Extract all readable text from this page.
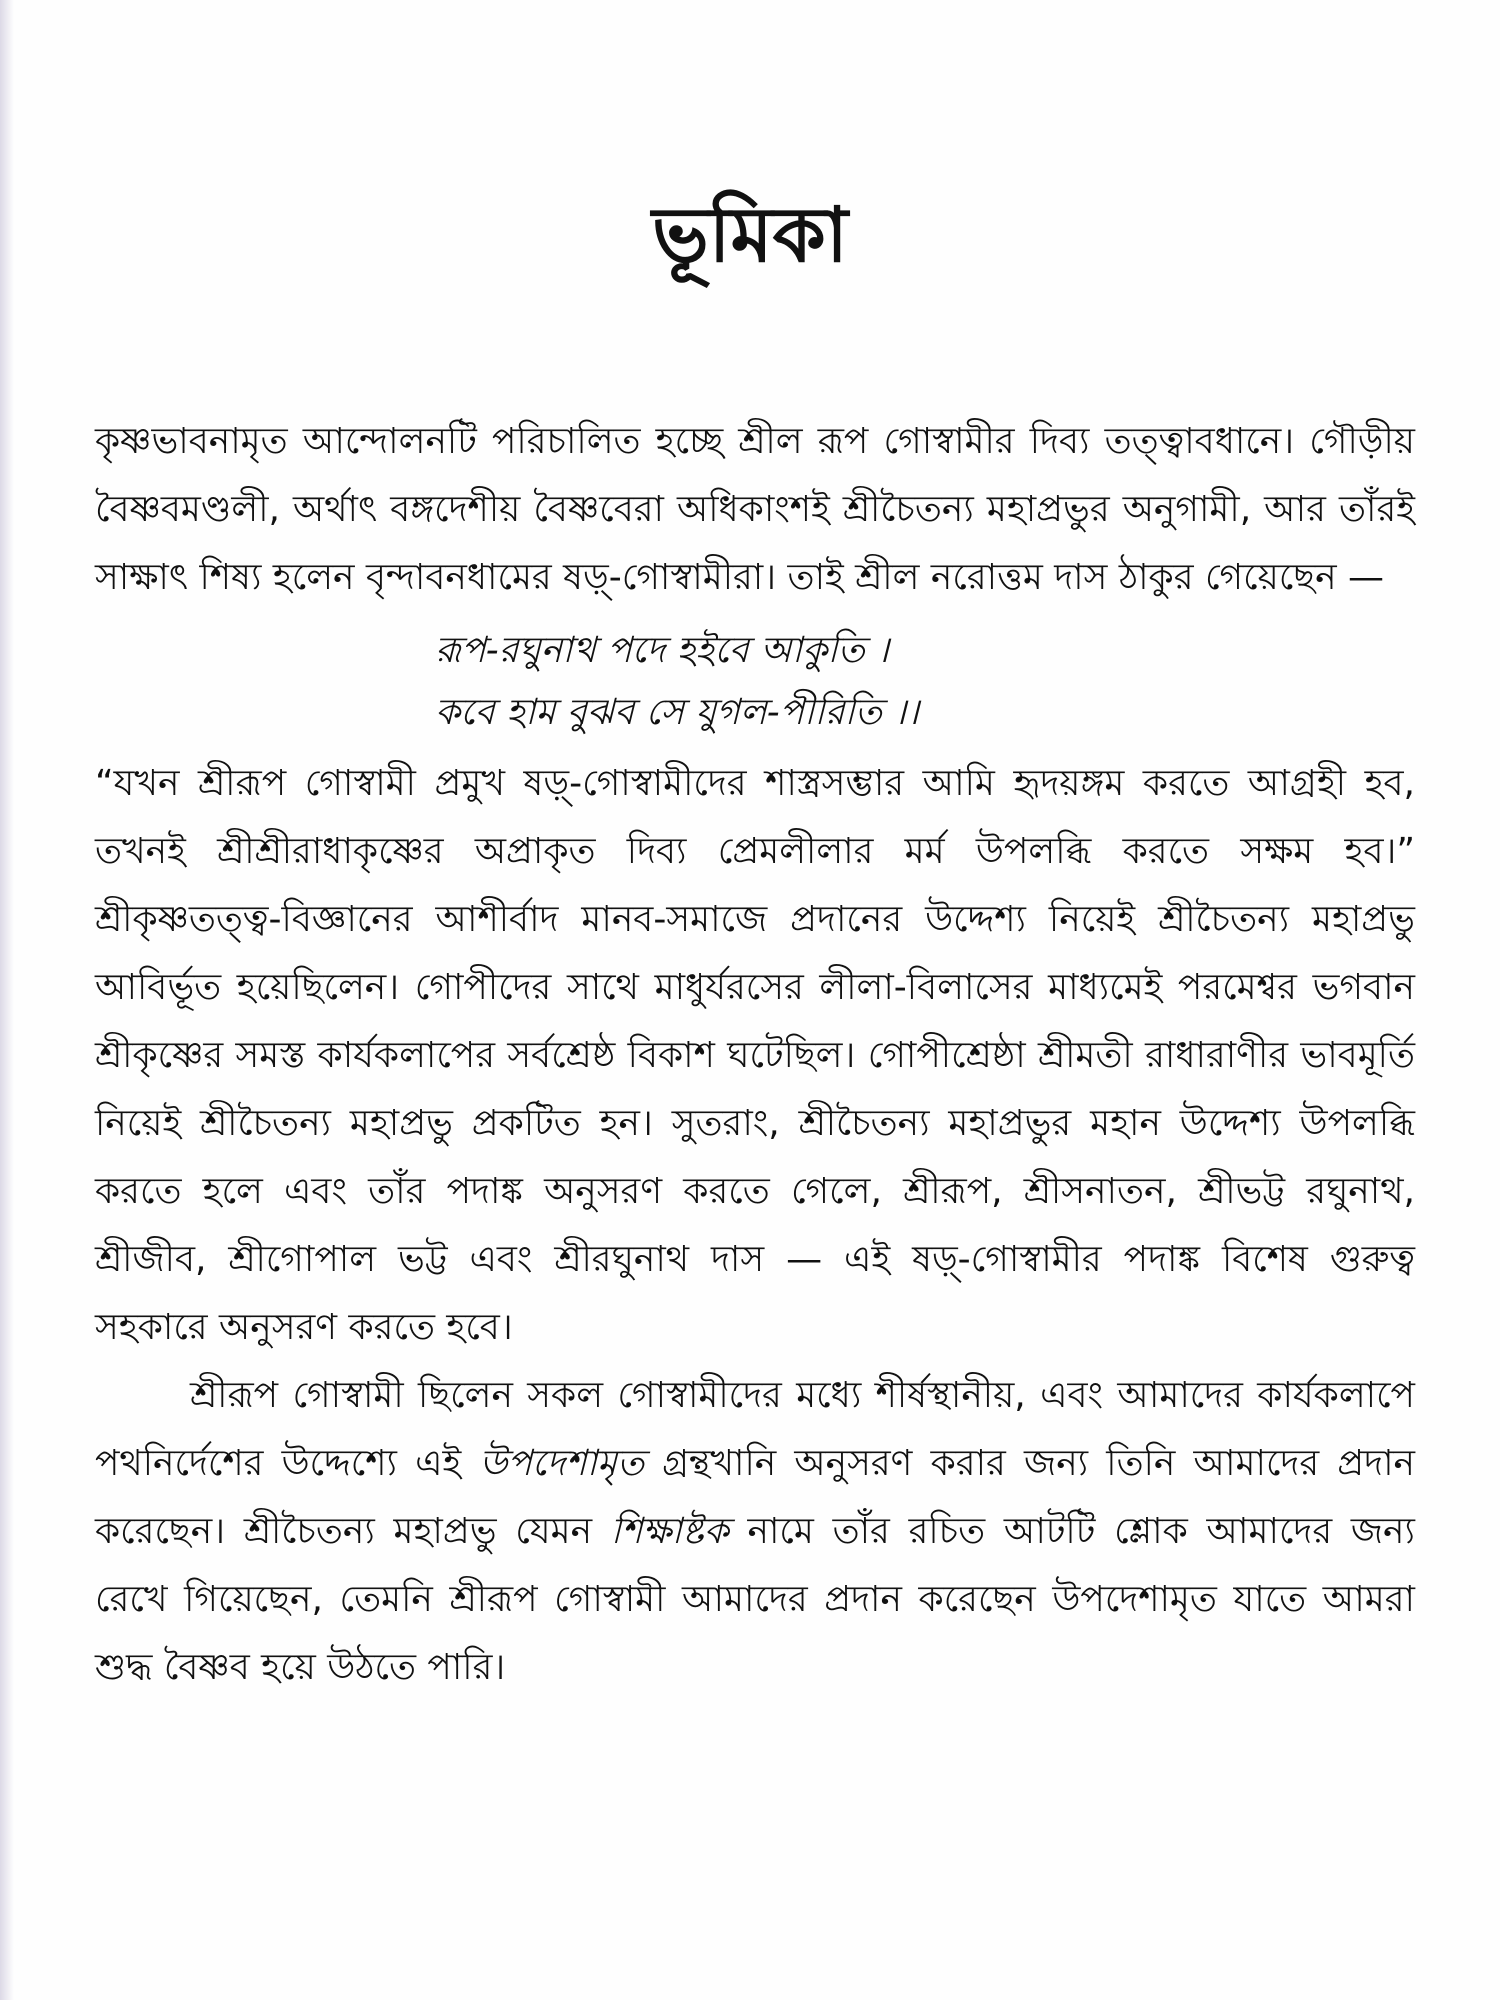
ভূমিকা

কৃষ্ণভাবনামৃত আন্দোলনটি পরিচালিত হচ্ছে শ্রীল রূপ গোস্বামীর দিব্য তত্ত্বাবধানে। গৌড়ীয় বৈষ্ণবমণ্ডলী, অর্থাৎ বঙ্গদেশীয় বৈষ্ণবেরা অধিকাংশই শ্রীচৈতন্য মহাপ্রভুর অনুগামী, আর তাঁরই সাক্ষাৎ শিষ্য হলেন বৃন্দাবনধামের ষড়্-গোস্বামীরা। তাই শ্রীল নরোত্তম দাস ঠাকুর গেয়েছেন —

রূপ-রঘুনাথ পদে হইবে আকুতি ।
কবে হাম বুঝব সে যুগল-পীরিতি ।।

“যখন শ্রীরূপ গোস্বামী প্রমুখ ষড়্-গোস্বামীদের শাস্ত্রসম্ভার আমি হৃদয়ঙ্গম করতে আগ্রহী হব, তখনই শ্রীশ্রীরাধাকৃষ্ণের অপ্রাকৃত দিব্য প্রেমলীলার মর্ম উপলব্ধি করতে সক্ষম হব।” শ্রীকৃষ্ণতত্ত্ব-বিজ্ঞানের আশীর্বাদ মানব-সমাজে প্রদানের উদ্দেশ্য নিয়েই শ্রীচৈতন্য মহাপ্রভু আবির্ভূত হয়েছিলেন। গোপীদের সাথে মাধুর্যরসের লীলা-বিলাসের মাধ্যমেই পরমেশ্বর ভগবান শ্রীকৃষ্ণের সমস্ত কার্যকলাপের সর্বশ্রেষ্ঠ বিকাশ ঘটেছিল। গোপীশ্রেষ্ঠা শ্রীমতী রাধারাণীর ভাবমূর্তি নিয়েই শ্রীচৈতন্য মহাপ্রভু প্রকটিত হন। সুতরাং, শ্রীচৈতন্য মহাপ্রভুর মহান উদ্দেশ্য উপলব্ধি করতে হলে এবং তাঁর পদাঙ্ক অনুসরণ করতে গেলে, শ্রীরূপ, শ্রীসনাতন, শ্রীভট্ট রঘুনাথ, শ্রীজীব, শ্রীগোপাল ভট্ট এবং শ্রীরঘুনাথ দাস — এই ষড়্-গোস্বামীর পদাঙ্ক বিশেষ গুরুত্ব সহকারে অনুসরণ করতে হবে।

শ্রীরূপ গোস্বামী ছিলেন সকল গোস্বামীদের মধ্যে শীর্ষস্থানীয়, এবং আমাদের কার্যকলাপে পথনির্দেশের উদ্দেশ্যে এই উপদেশামৃত গ্রন্থখানি অনুসরণ করার জন্য তিনি আমাদের প্রদান করেছেন। শ্রীচৈতন্য মহাপ্রভু যেমন শিক্ষাষ্টক নামে তাঁর রচিত আটটি শ্লোক আমাদের জন্য রেখে গিয়েছেন, তেমনি শ্রীরূপ গোস্বামী আমাদের প্রদান করেছেন উপদেশামৃত যাতে আমরা শুদ্ধ বৈষ্ণব হয়ে উঠতে পারি।
